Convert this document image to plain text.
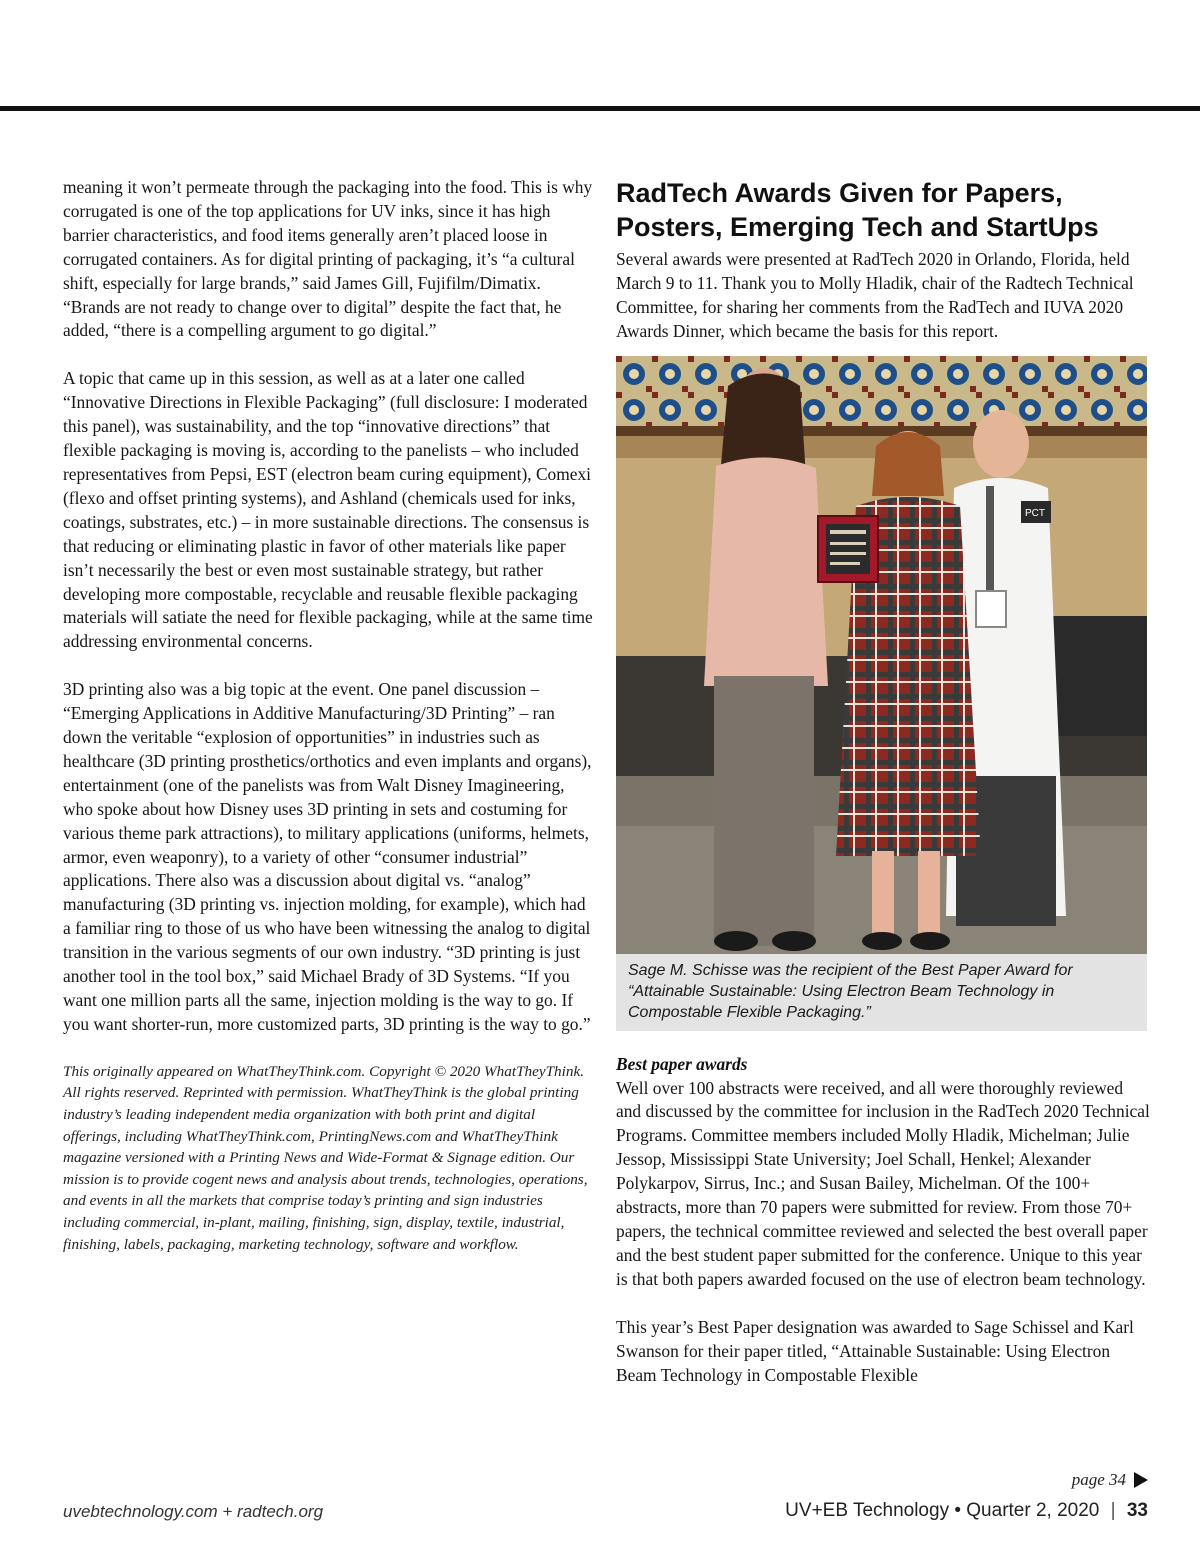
meaning it won’t permeate through the packaging into the food. This is why corrugated is one of the top applications for UV inks, since it has high barrier characteristics, and food items generally aren’t placed loose in corrugated containers. As for digital printing of packaging, it’s “a cultural shift, especially for large brands,” said James Gill, Fujifilm/Dimatix. “Brands are not ready to change over to digital” despite the fact that, he added, “there is a compelling argument to go digital.”

A topic that came up in this session, as well as at a later one called “Innovative Directions in Flexible Packaging” (full disclosure: I moderated this panel), was sustainability, and the top “innovative directions” that flexible packaging is moving is, according to the panelists – who included representatives from Pepsi, EST (electron beam curing equipment), Comexi (flexo and offset printing systems), and Ashland (chemicals used for inks, coatings, substrates, etc.) – in more sustainable directions. The consensus is that reducing or eliminating plastic in favor of other materials like paper isn’t necessarily the best or even most sustainable strategy, but rather developing more compostable, recyclable and reusable flexible packaging materials will satiate the need for flexible packaging, while at the same time addressing environmental concerns.

3D printing also was a big topic at the event. One panel discussion – “Emerging Applications in Additive Manufacturing/3D Printing” – ran down the veritable “explosion of opportunities” in industries such as healthcare (3D printing prosthetics/orthotics and even implants and organs), entertainment (one of the panelists was from Walt Disney Imagineering, who spoke about how Disney uses 3D printing in sets and costuming for various theme park attractions), to military applications (uniforms, helmets, armor, even weaponry), to a variety of other “consumer industrial” applications. There also was a discussion about digital vs. “analog” manufacturing (3D printing vs. injection molding, for example), which had a familiar ring to those of us who have been witnessing the analog to digital transition in the various segments of our own industry. “3D printing is just another tool in the tool box,” said Michael Brady of 3D Systems. “If you want one million parts all the same, injection molding is the way to go. If you want shorter-run, more customized parts, 3D printing is the way to go.”

This originally appeared on WhatTheyThink.com. Copyright © 2020 WhatTheyThink. All rights reserved. Reprinted with permission. WhatTheyThink is the global printing industry’s leading independent media organization with both print and digital offerings, including WhatTheyThink.com, PrintingNews.com and WhatTheyThink magazine versioned with a Printing News and Wide-Format & Signage edition. Our mission is to provide cogent news and analysis about trends, technologies, operations, and events in all the markets that comprise today’s printing and sign industries including commercial, in-plant, mailing, finishing, sign, display, textile, industrial, finishing, labels, packaging, marketing technology, software and workflow.

RadTech Awards Given for Papers, Posters, Emerging Tech and StartUps

Several awards were presented at RadTech 2020 in Orlando, Florida, held March 9 to 11. Thank you to Molly Hladik, chair of the Radtech Technical Committee, for sharing her comments from the RadTech and IUVA 2020 Awards Dinner, which became the basis for this report.

PCT
Sage M. Schisse was the recipient of the Best Paper Award for “Attainable Sustainable: Using Electron Beam Technology in Compostable Flexible Packaging.”

Best paper awards

Well over 100 abstracts were received, and all were thoroughly reviewed and discussed by the committee for inclusion in the RadTech 2020 Technical Programs. Committee members included Molly Hladik, Michelman; Julie Jessop, Mississippi State University; Joel Schall, Henkel; Alexander Polykarpov, Sirrus, Inc.; and Susan Bailey, Michelman. Of the 100+ abstracts, more than 70 papers were submitted for review. From those 70+ papers, the technical committee reviewed and selected the best overall paper and the best student paper submitted for the conference. Unique to this year is that both papers awarded focused on the use of electron beam technology.

This year’s Best Paper designation was awarded to Sage Schissel and Karl Swanson for their paper titled, “Attainable Sustainable: Using Electron Beam Technology in Compostable Flexible

page 34
uvebtechnology.com + radtech.org	UV+EB Technology • Quarter 2, 2020 | 33
